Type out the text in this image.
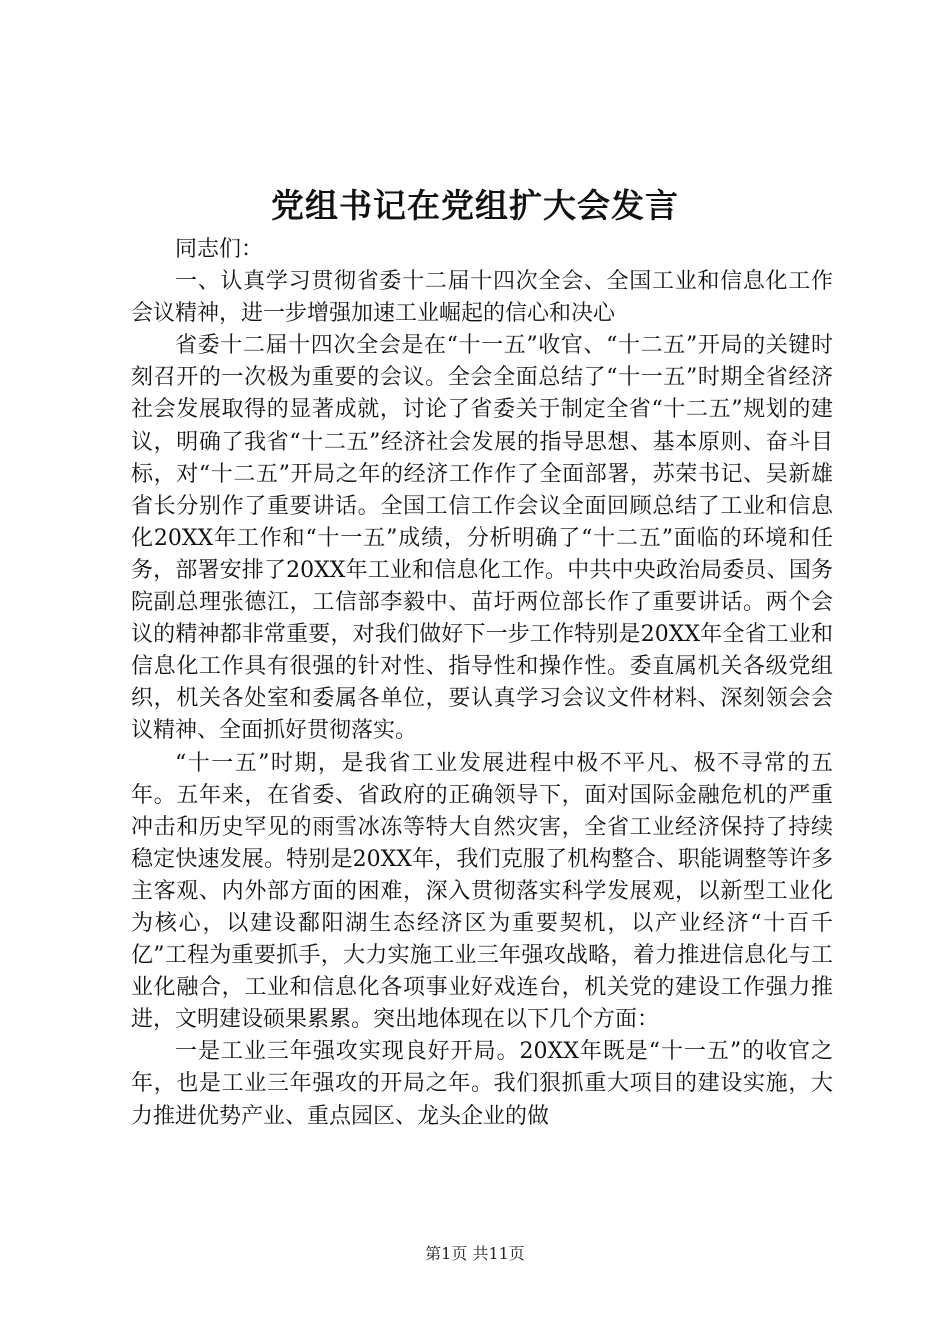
党组书记在党组扩大会发言

同志们：

一、认真学习贯彻省委十二届十四次全会、全国工业和信息化工作会议精神，进一步增强加速工业崛起的信心和决心

省委十二届十四次全会是在“十一五”收官、“十二五”开局的关键时刻召开的一次极为重要的会议。全会全面总结了“十一五”时期全省经济社会发展取得的显著成就，讨论了省委关于制定全省“十二五”规划的建议，明确了我省“十二五”经济社会发展的指导思想、基本原则、奋斗目标，对“十二五”开局之年的经济工作作了全面部署，苏荣书记、吴新雄省长分别作了重要讲话。全国工信工作会议全面回顾总结了工业和信息化20XX年工作和“十一五”成绩，分析明确了“十二五”面临的环境和任务，部署安排了20XX年工业和信息化工作。中共中央政治局委员、国务院副总理张德江，工信部李毅中、苗圩两位部长作了重要讲话。两个会议的精神都非常重要，对我们做好下一步工作特别是20XX年全省工业和信息化工作具有很强的针对性、指导性和操作性。委直属机关各级党组织，机关各处室和委属各单位，要认真学习会议文件材料、深刻领会会议精神、全面抓好贯彻落实。

“十一五”时期，是我省工业发展进程中极不平凡、极不寻常的五年。五年来，在省委、省政府的正确领导下，面对国际金融危机的严重冲击和历史罕见的雨雪冰冻等特大自然灾害，全省工业经济保持了持续稳定快速发展。特别是20XX年，我们克服了机构整合、职能调整等许多主客观、内外部方面的困难，深入贯彻落实科学发展观，以新型工业化为核心，以建设鄱阳湖生态经济区为重要契机，以产业经济“十百千亿”工程为重要抓手，大力实施工业三年强攻战略，着力推进信息化与工业化融合，工业和信息化各项事业好戏连台，机关党的建设工作强力推进，文明建设硕果累累。突出地体现在以下几个方面：

一是工业三年强攻实现良好开局。20XX年既是“十一五”的收官之年，也是工业三年强攻的开局之年。我们狠抓重大项目的建设实施，大力推进优势产业、重点园区、龙头企业的做

第1页 共11页
